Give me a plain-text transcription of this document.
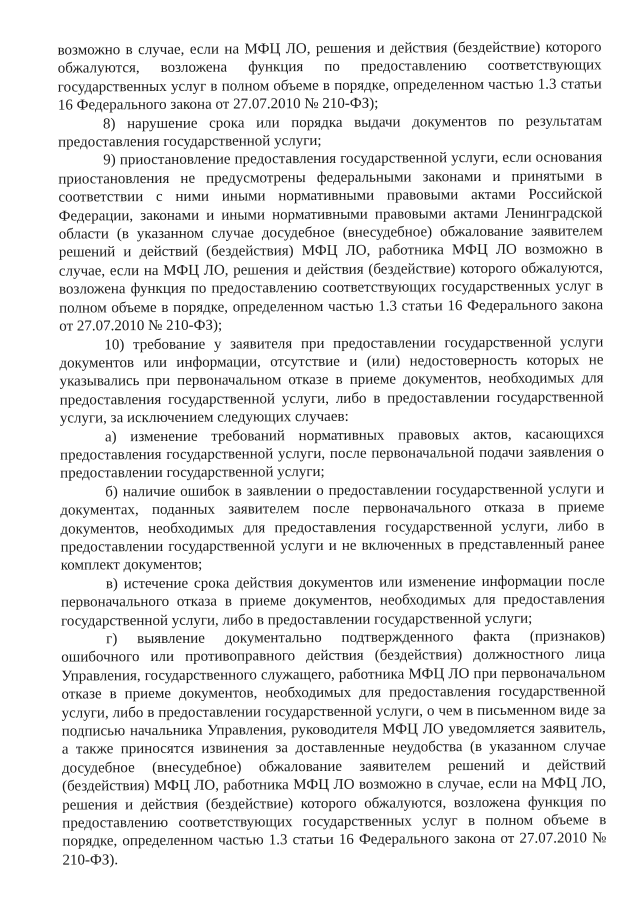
возможно в случае, если на МФЦ ЛО, решения и действия (бездействие) которого обжалуются, возложена функция по предоставлению соответствующих государственных услуг в полном объеме в порядке, определенном частью 1.3 статьи 16 Федерального закона от 27.07.2010 № 210-ФЗ);

8) нарушение срока или порядка выдачи документов по результатам предоставления государственной услуги;

9) приостановление предоставления государственной услуги, если основания приостановления не предусмотрены федеральными законами и принятыми в соответствии с ними иными нормативными правовыми актами Российской Федерации, законами и иными нормативными правовыми актами Ленинградской области (в указанном случае досудебное (внесудебное) обжалование заявителем решений и действий (бездействия) МФЦ ЛО, работника МФЦ ЛО возможно в случае, если на МФЦ ЛО, решения и действия (бездействие) которого обжалуются, возложена функция по предоставлению соответствующих государственных услуг в полном объеме в порядке, определенном частью 1.3 статьи 16 Федерального закона от 27.07.2010 № 210-ФЗ);

10) требование у заявителя при предоставлении государственной услуги документов или информации, отсутствие и (или) недостоверность которых не указывались при первоначальном отказе в приеме документов, необходимых для предоставления государственной услуги, либо в предоставлении государственной услуги, за исключением следующих случаев:

а) изменение требований нормативных правовых актов, касающихся предоставления государственной услуги, после первоначальной подачи заявления о предоставлении государственной услуги;

б) наличие ошибок в заявлении о предоставлении государственной услуги и документах, поданных заявителем после первоначального отказа в приеме документов, необходимых для предоставления государственной услуги, либо в предоставлении государственной услуги и не включенных в представленный ранее комплект документов;

в) истечение срока действия документов или изменение информации после первоначального отказа в приеме документов, необходимых для предоставления государственной услуги, либо в предоставлении государственной услуги;

г) выявление документально подтвержденного факта (признаков) ошибочного или противоправного действия (бездействия) должностного лица Управления, государственного служащего, работника МФЦ ЛО при первоначальном отказе в приеме документов, необходимых для предоставления государственной услуги, либо в предоставлении государственной услуги, о чем в письменном виде за подписью начальника Управления, руководителя МФЦ ЛО уведомляется заявитель, а также приносятся извинения за доставленные неудобства (в указанном случае досудебное (внесудебное) обжалование заявителем решений и действий (бездействия) МФЦ ЛО, работника МФЦ ЛО возможно в случае, если на МФЦ ЛО, решения и действия (бездействие) которого обжалуются, возложена функция по предоставлению соответствующих государственных услуг в полном объеме в порядке, определенном частью 1.3 статьи 16 Федерального закона от 27.07.2010 № 210-ФЗ).
